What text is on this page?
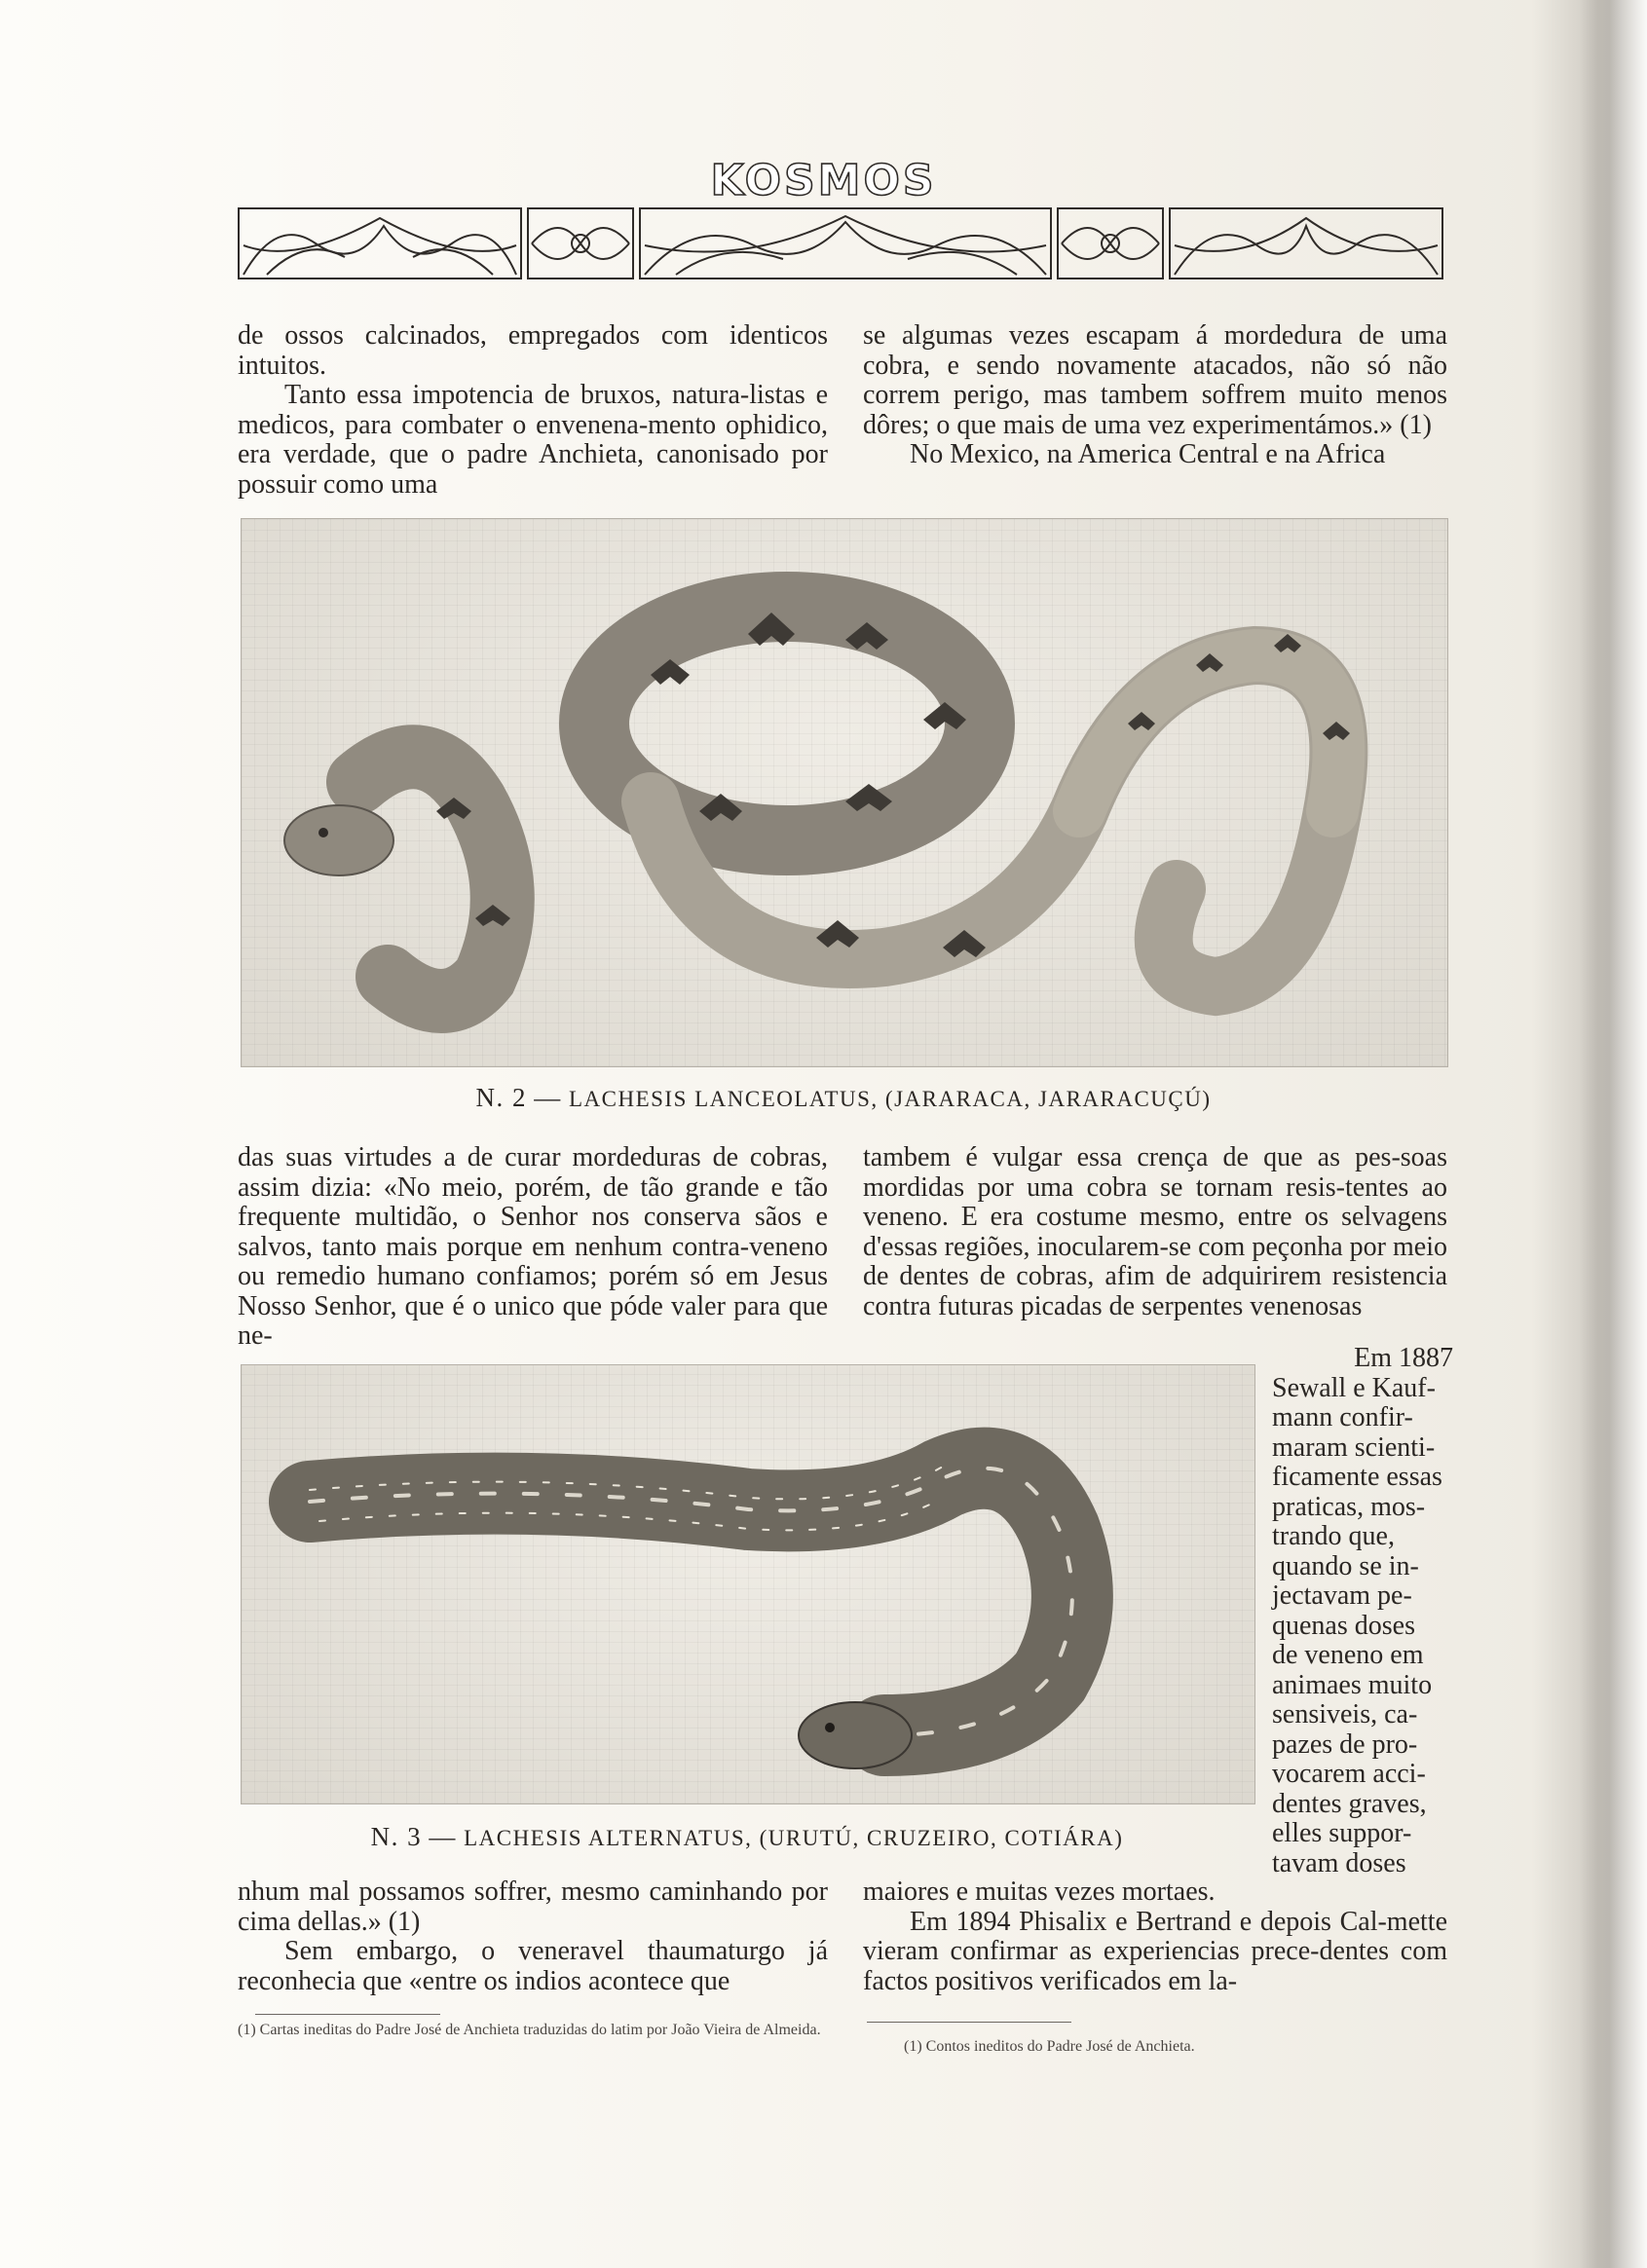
KOSMOS

de ossos calcinados, empregados com identicos intuitos.

Tanto essa impotencia de bruxos, natura-listas e medicos, para combater o envenena-mento ophidico, era verdade, que o padre Anchieta, canonisado por possuir como uma

se algumas vezes escapam á mordedura de uma cobra, e sendo novamente atacados, não só não correm perigo, mas tambem soffrem muito menos dôres; o que mais de uma vez experimentámos.» (1)

No Mexico, na America Central e na Africa

N. 2 — LACHESIS LANCEOLATUS, (JARARACA, JARARACUÇÚ)

das suas virtudes a de curar mordeduras de cobras, assim dizia: «No meio, porém, de tão grande e tão frequente multidão, o Senhor nos conserva sãos e salvos, tanto mais porque em nenhum contra-veneno ou remedio humano confiamos; porém só em Jesus Nosso Senhor, que é o unico que póde valer para que ne-

tambem é vulgar essa crença de que as pes-soas mordidas por uma cobra se tornam resis-tentes ao veneno. E era costume mesmo, entre os selvagens d'essas regiões, inocularem-se com peçonha por meio de dentes de cobras, afim de adquirirem resistencia contra futuras picadas de serpentes venenosas

N. 3 — LACHESIS ALTERNATUS, (URUTÚ, CRUZEIRO, COTIÁRA)

Em 1887

Sewall e Kauf-

mann confir-

maram scienti-

ficamente essas

praticas, mos-

trando que,

quando se in-

jectavam pe-

quenas doses

de veneno em

animaes muito

sensiveis, ca-

pazes de pro-

vocarem acci-

dentes graves,

elles suppor-

tavam doses

nhum mal possamos soffrer, mesmo caminhando por cima dellas.» (1)

Sem embargo, o veneravel thaumaturgo já reconhecia que «entre os indios acontece que

maiores e muitas vezes mortaes.

Em 1894 Phisalix e Bertrand e depois Cal-mette vieram confirmar as experiencias prece-dentes com factos positivos verificados em la-

(1) Cartas ineditas do Padre José de Anchieta traduzidas do latim por João Vieira de Almeida.
(1) Contos ineditos do Padre José de Anchieta.
